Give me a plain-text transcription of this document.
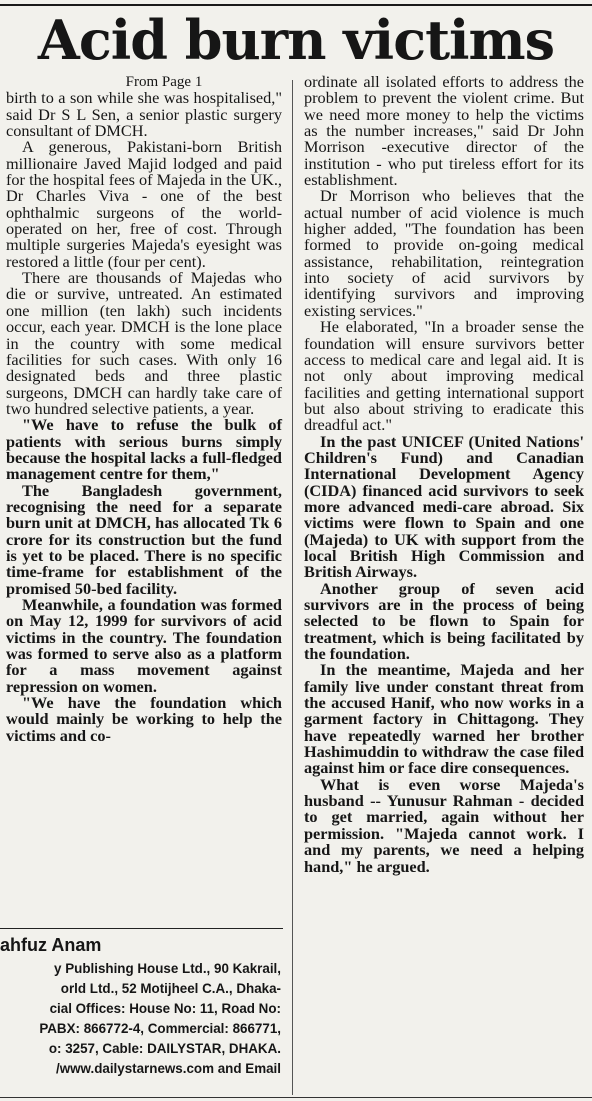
Acid burn victims

From Page 1

birth to a son while she was hospitalised," said Dr S L Sen, a senior plastic surgery consultant of DMCH.

A generous, Pakistani-born British millionaire Javed Majid lodged and paid for the hospital fees of Majeda in the UK., Dr Charles Viva - one of the best ophthalmic surgeons of the world- operated on her, free of cost. Through multiple surgeries Majeda's eyesight was restored a little (four per cent).

There are thousands of Majedas who die or survive, untreated. An estimated one million (ten lakh) such incidents occur, each year. DMCH is the lone place in the country with some medical facilities for such cases. With only 16 designated beds and three plastic surgeons, DMCH can hardly take care of two hundred selective patients, a year.

"We have to refuse the bulk of patients with serious burns simply because the hospital lacks a full-fledged management centre for them,"

The Bangladesh government, recognising the need for a separate burn unit at DMCH, has allocated Tk 6 crore for its construction but the fund is yet to be placed. There is no specific time-frame for establishment of the promised 50-bed facility.

Meanwhile, a foundation was formed on May 12, 1999 for survivors of acid victims in the country. The foundation was formed to serve also as a platform for a mass movement against repression on women.

"We have the foundation which would mainly be working to help the victims and co-

ordinate all isolated efforts to address the problem to prevent the violent crime. But we need more money to help the victims as the number increases," said Dr John Morrison -executive director of the institution - who put tireless effort for its establishment.

Dr Morrison who believes that the actual number of acid violence is much higher added, "The foundation has been formed to provide on-going medical assistance, rehabilitation, reintegration into society of acid survivors by identifying survivors and improving existing services."

He elaborated, "In a broader sense the foundation will ensure survivors better access to medical care and legal aid. It is not only about improving medical facilities and getting international support but also about striving to eradicate this dreadful act."

In the past UNICEF (United Nations' Children's Fund) and Canadian International Development Agency (CIDA) financed acid survivors to seek more advanced medi-care abroad. Six victims were flown to Spain and one (Majeda) to UK with support from the local British High Commission and British Airways.

Another group of seven acid survivors are in the process of being selected to be flown to Spain for treatment, which is being facilitated by the foundation.

In the meantime, Majeda and her family live under constant threat from the accused Hanif, who now works in a garment factory in Chittagong. They have repeatedly warned her brother Hashimuddin to withdraw the case filed against him or face dire consequences.

What is even worse Majeda's husband -- Yunusur Rahman - decided to get married, again without her permission. "Majeda cannot work. I and my parents, we need a helping hand," he argued.

ahfuz Anam
y Publishing House Ltd., 90 Kakrail,
orld Ltd., 52 Motijheel C.A., Dhaka-
cial Offices: House No: 11, Road No:
PABX: 866772-4, Commercial: 866771,
o: 3257, Cable: DAILYSTAR, DHAKA.
/www.dailystarnews.com and Email
